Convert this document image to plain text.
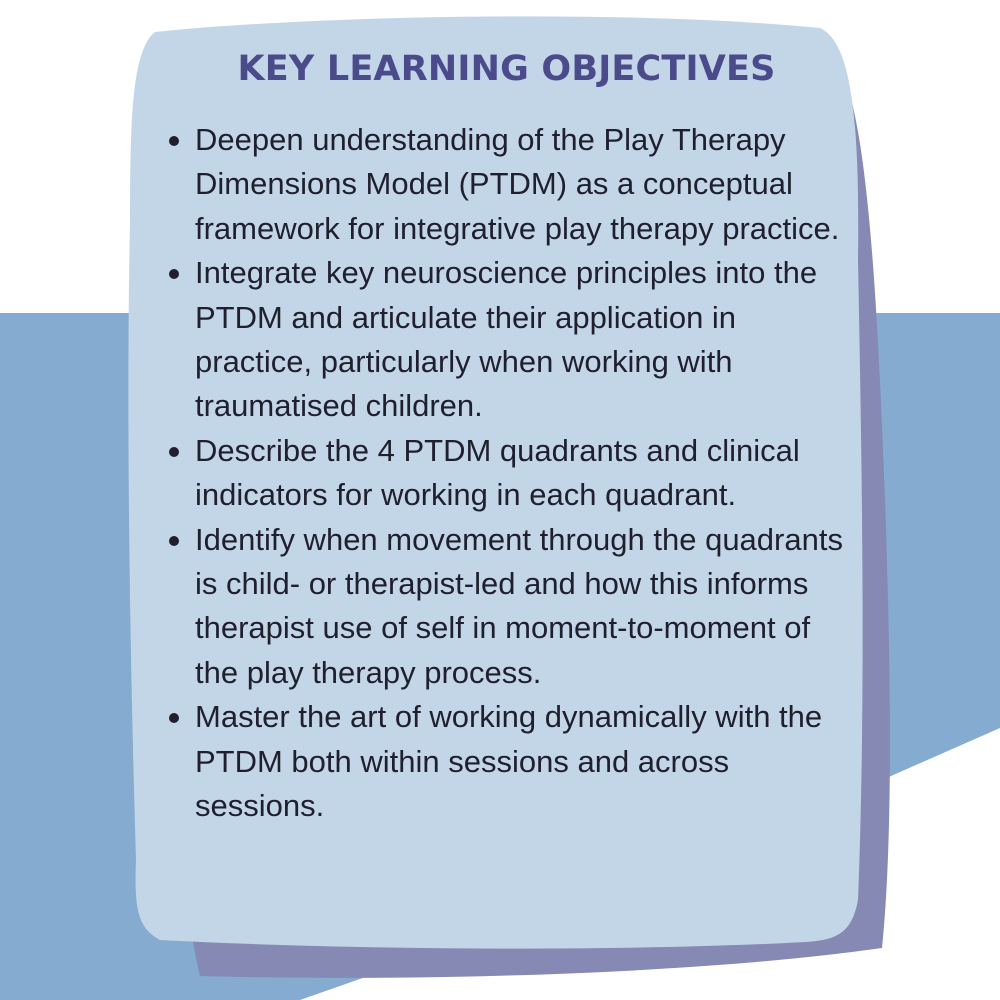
KEY LEARNING OBJECTIVES
Deepen understanding of the Play Therapy Dimensions Model (PTDM) as a conceptual framework for integrative play therapy practice.
Integrate key neuroscience principles into the PTDM and articulate their application in practice, particularly when working with traumatised children.
Describe the 4 PTDM quadrants and clinical indicators for working in each quadrant.
Identify when movement through the quadrants is child- or therapist-led and how this informs therapist use of self in moment-to-moment of the play therapy process.
Master the art of working dynamically with the PTDM both within sessions and across sessions.
